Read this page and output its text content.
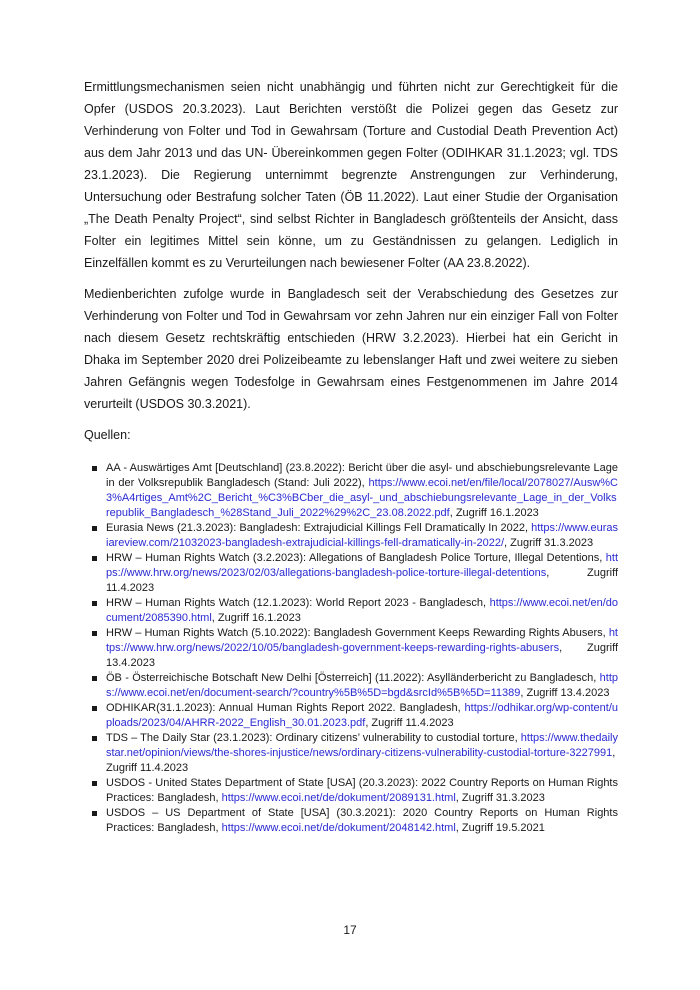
Ermittlungsmechanismen seien nicht unabhängig und führten nicht zur Gerechtigkeit für die Opfer (USDOS 20.3.2023). Laut Berichten verstößt die Polizei gegen das Gesetz zur Verhinderung von Folter und Tod in Gewahrsam (Torture and Custodial Death Prevention Act) aus dem Jahr 2013 und das UN- Übereinkommen gegen Folter (ODIHKAR 31.1.2023; vgl. TDS 23.1.2023). Die Regierung unternimmt begrenzte Anstrengungen zur Verhinderung, Untersuchung oder Bestrafung solcher Taten (ÖB 11.2022). Laut einer Studie der Organisation „The Death Penalty Project“, sind selbst Richter in Bangladesch größtenteils der Ansicht, dass Folter ein legitimes Mittel sein könne, um zu Geständnissen zu gelangen. Lediglich in Einzelfällen kommt es zu Verurteilungen nach bewiesener Folter (AA 23.8.2022).

Medienberichten zufolge wurde in Bangladesch seit der Verabschiedung des Gesetzes zur Verhinderung von Folter und Tod in Gewahrsam vor zehn Jahren nur ein einziger Fall von Folter nach diesem Gesetz rechtskräftig entschieden (HRW 3.2.2023). Hierbei hat ein Gericht in Dhaka im September 2020 drei Polizeibeamte zu lebenslanger Haft und zwei weitere zu sieben Jahren Gefängnis wegen Todesfolge in Gewahrsam eines Festgenommenen im Jahre 2014 verurteilt (USDOS 30.3.2021).

Quellen:

AA - Auswärtiges Amt [Deutschland] (23.8.2022): Bericht über die asyl- und abschiebungsrelevante Lage in der Volksrepublik Bangladesch (Stand: Juli 2022), https://www.ecoi.net/en/file/local/2078027/Ausw%C3%A4rtiges_Amt%2C_Bericht_%C3%BCber_die_asyl-_und_abschiebungsrelevante_Lage_in_der_Volksrepublik_Bangladesch_%28Stand_Juli_2022%29%2C_23.08.2022.pdf, Zugriff 16.1.2023
Eurasia News (21.3.2023): Bangladesh: Extrajudicial Killings Fell Dramatically In 2022, https://www.eurasiareview.com/21032023-bangladesh-extrajudicial-killings-fell-dramatically-in-2022/, Zugriff 31.3.2023
HRW – Human Rights Watch (3.2.2023): Allegations of Bangladesh Police Torture, Illegal Detentions, https://www.hrw.org/news/2023/02/03/allegations-bangladesh-police-torture-illegal-detentions, Zugriff 11.4.2023
HRW – Human Rights Watch (12.1.2023): World Report 2023 - Bangladesch, https://www.ecoi.net/en/document/2085390.html, Zugriff 16.1.2023
HRW – Human Rights Watch (5.10.2022): Bangladesh Government Keeps Rewarding Rights Abusers, https://www.hrw.org/news/2022/10/05/bangladesh-government-keeps-rewarding-rights-abusers, Zugriff 13.4.2023
ÖB - Österreichische Botschaft New Delhi [Österreich] (11.2022): Asylländerbericht zu Bangladesch, https://www.ecoi.net/en/document-search/?country%5B%5D=bgd&srcId%5B%5D=11389, Zugriff 13.4.2023
ODHIKAR(31.1.2023): Annual Human Rights Report 2022. Bangladesh, https://odhikar.org/wp-content/uploads/2023/04/AHRR-2022_English_30.01.2023.pdf, Zugriff 11.4.2023
TDS – The Daily Star (23.1.2023): Ordinary citizens’ vulnerability to custodial torture, https://www.thedailystar.net/opinion/views/the-shores-injustice/news/ordinary-citizens-vulnerability-custodial-torture-3227991, Zugriff 11.4.2023
USDOS - United States Department of State [USA] (20.3.2023): 2022 Country Reports on Human Rights Practices: Bangladesh, https://www.ecoi.net/de/dokument/2089131.html, Zugriff 31.3.2023
USDOS – US Department of State [USA] (30.3.2021): 2020 Country Reports on Human Rights Practices: Bangladesh, https://www.ecoi.net/de/dokument/2048142.html, Zugriff 19.5.2021
17
